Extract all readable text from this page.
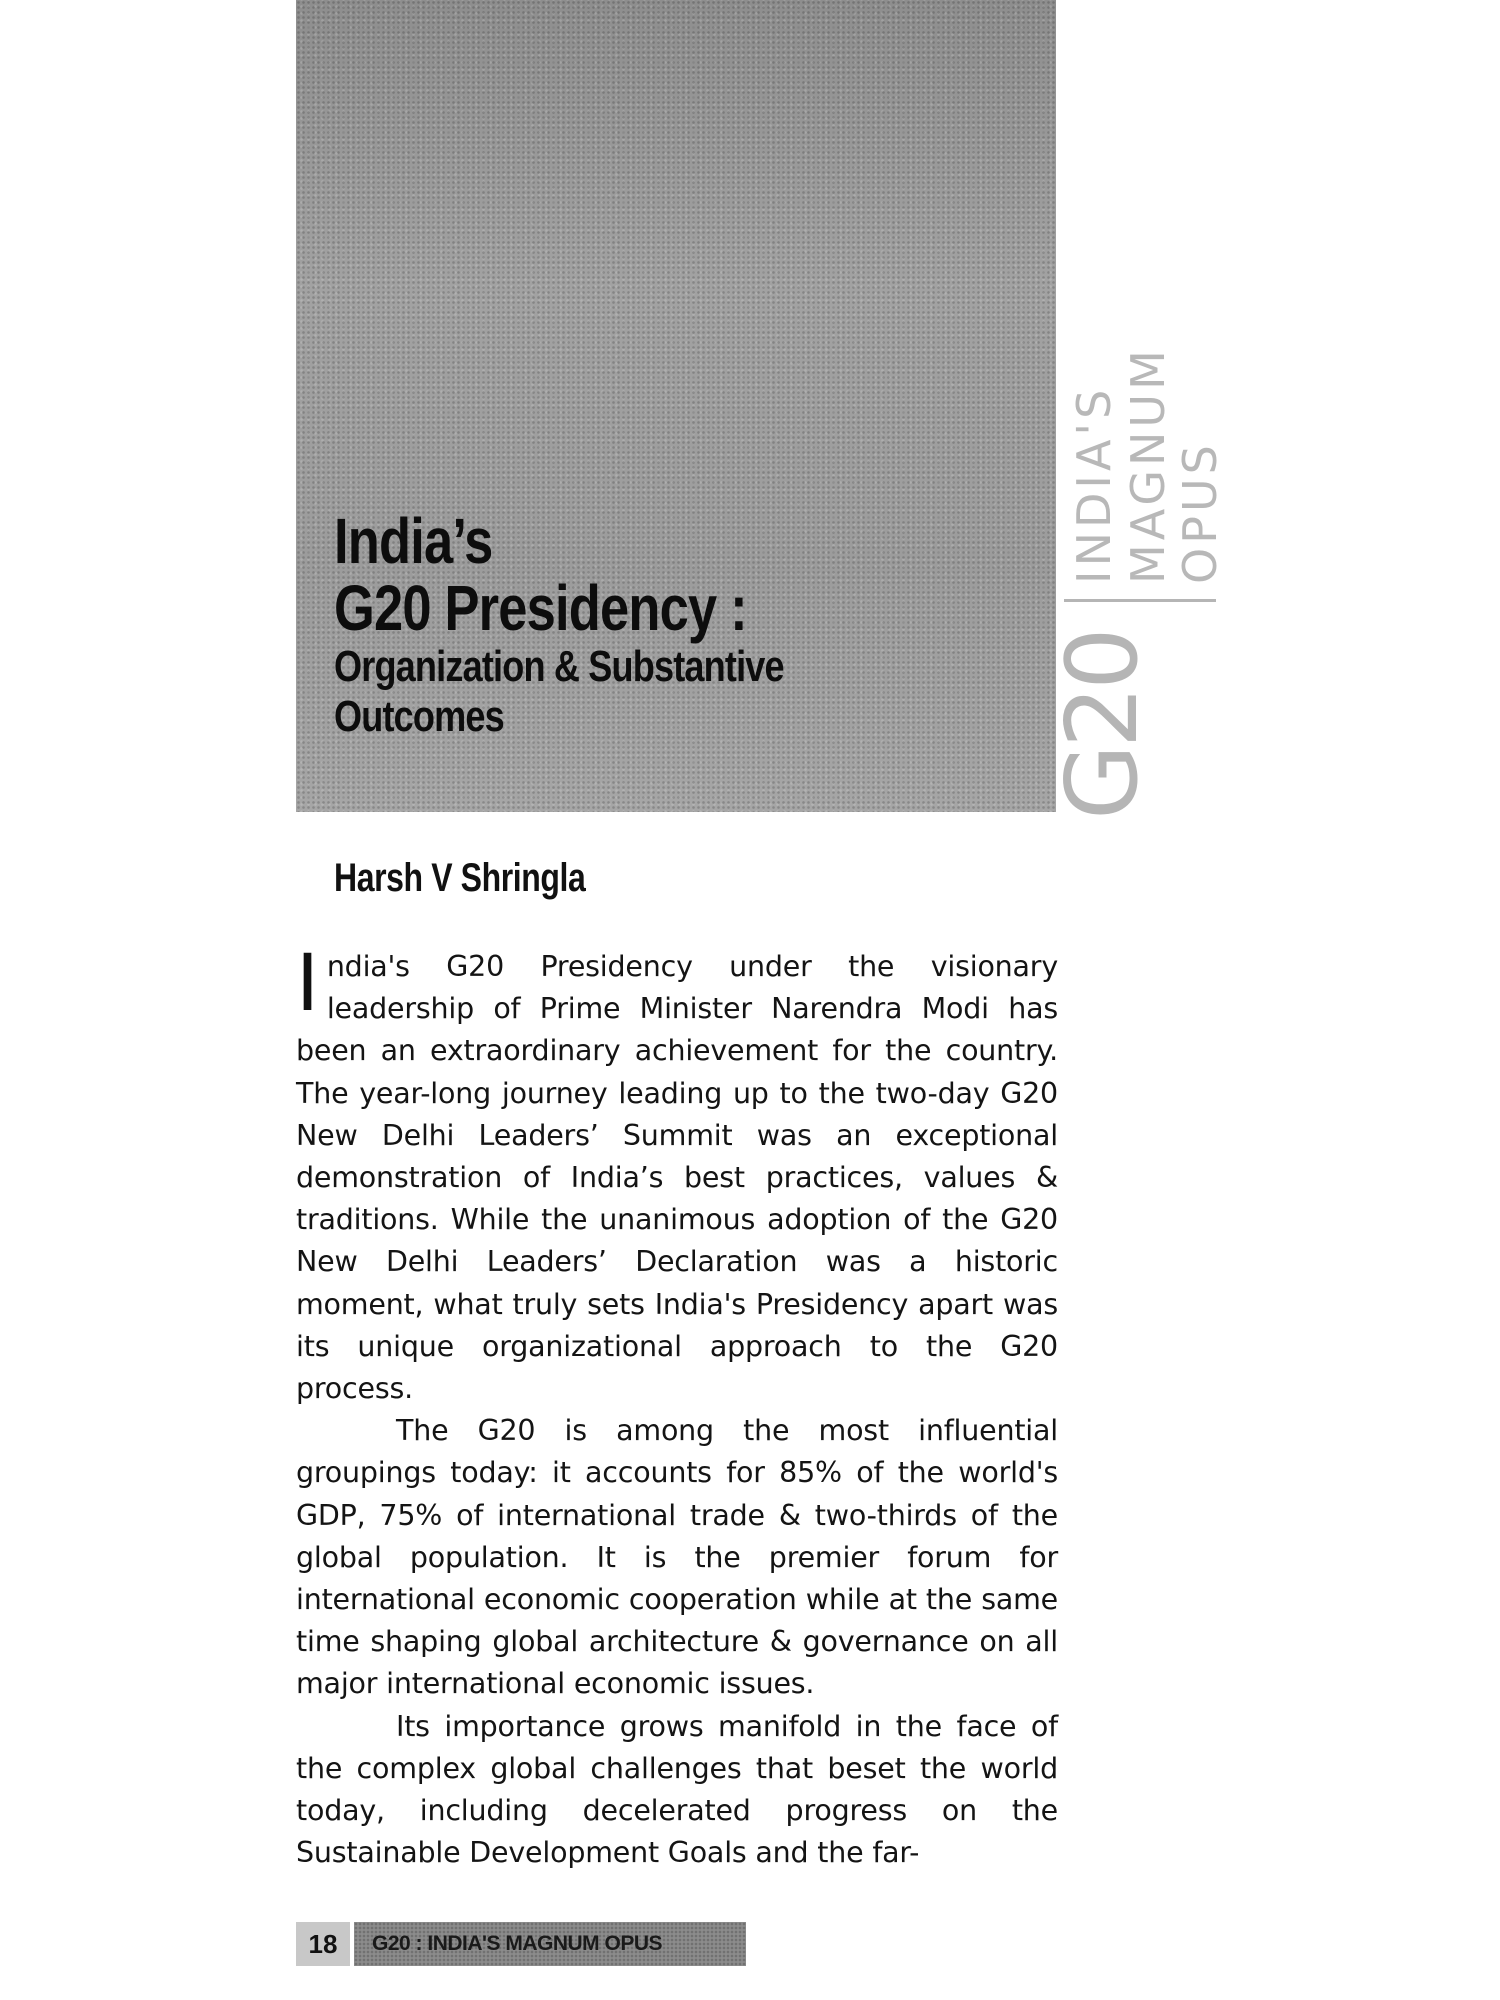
India’s
G20 Presidency :
Organization & Substantive
Outcomes	G20
INDIA'S MAGNUM
OPUS
Harsh V Shringla

India's G20 Presidency under the visionary leadership of Prime Minister Narendra Modi has been an extraordinary achievement for the country. The year-long journey leading up to the two-day G20 New Delhi Leaders’ Summit was an exceptional demonstration of India’s best practices, values & traditions. While the unanimous adoption of the G20 New Delhi Leaders’ Declaration was a historic moment, what truly sets India's Presidency apart was its unique organizational approach to the G20 process.

The G20 is among the most influential groupings today: it accounts for 85% of the world's GDP, 75% of international trade & two-thirds of the global population. It is the premier forum for international economic cooperation while at the same time shaping global architecture & governance on all major international economic issues.

Its importance grows manifold in the face of the complex global challenges that beset the world today, including decelerated progress on the Sustainable Development Goals and the far-

18	G20 : INDIA'S MAGNUM OPUS
